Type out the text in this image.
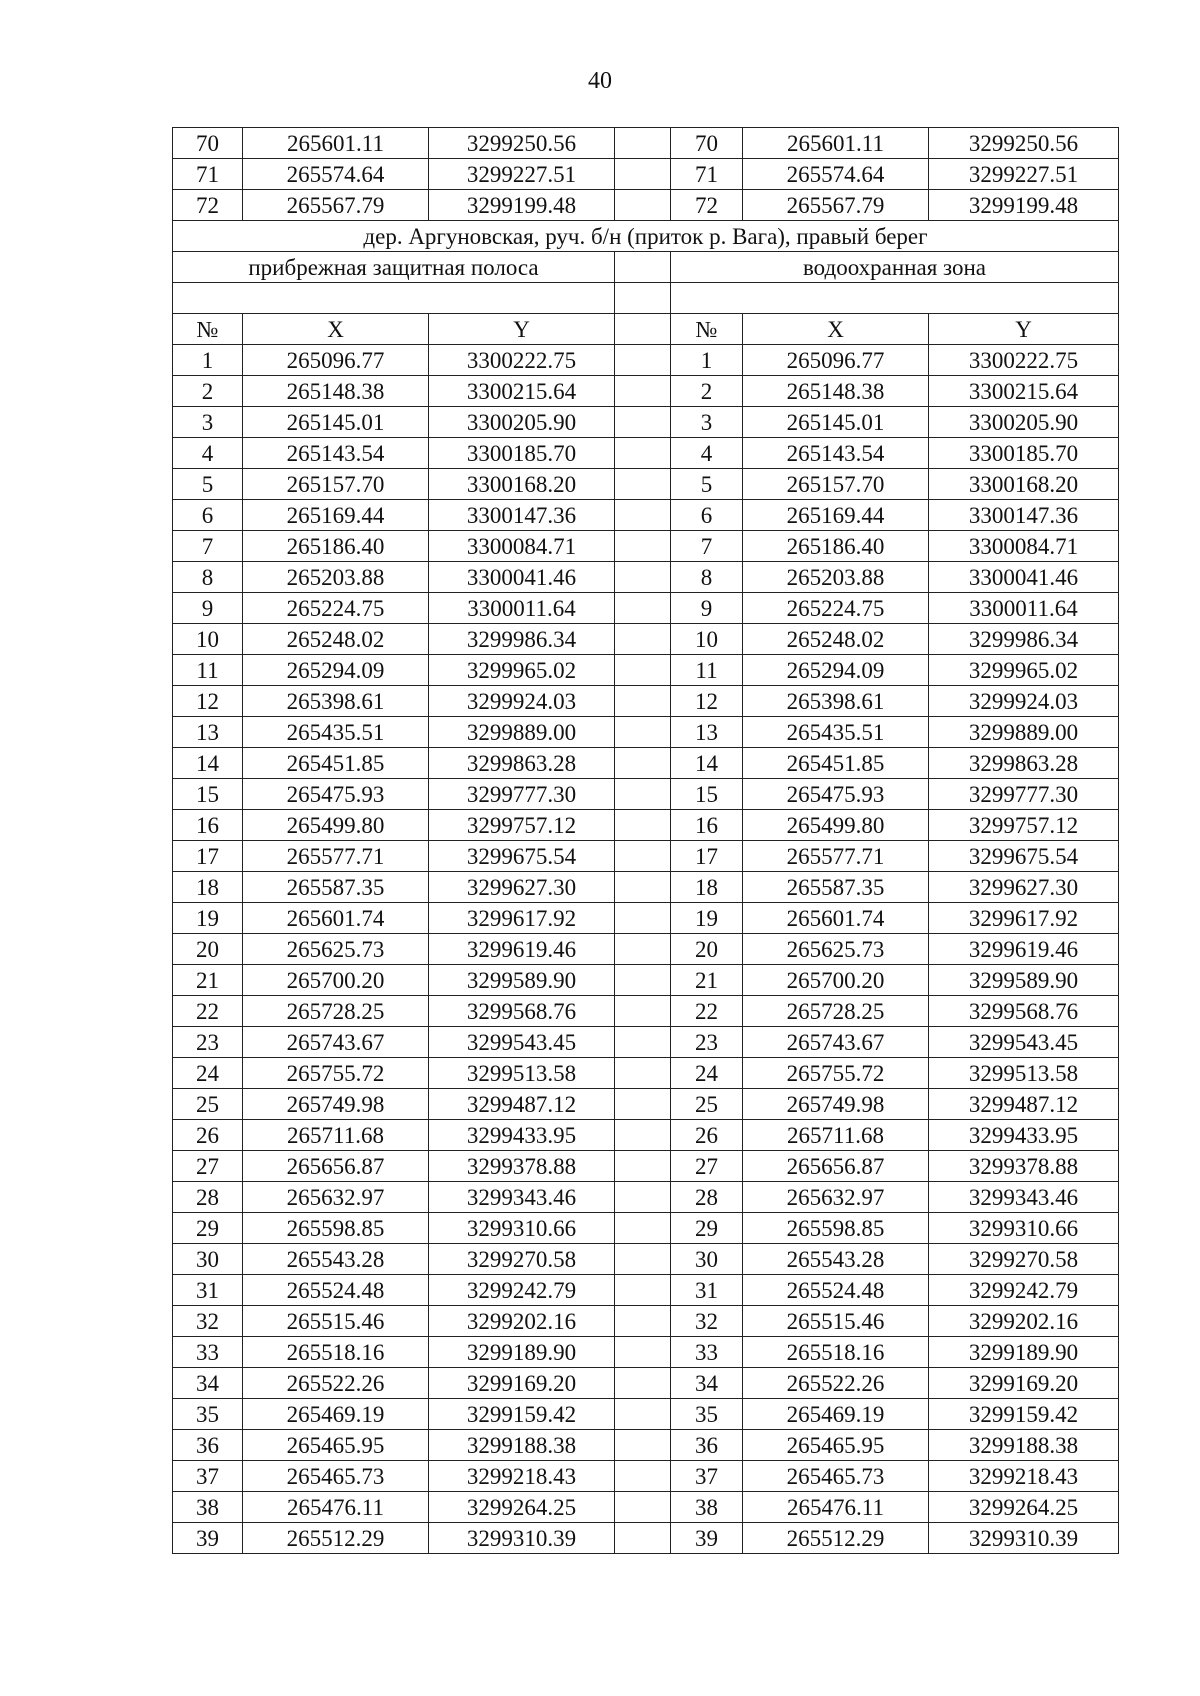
40
70	265601.11	3299250.56		70	265601.11	3299250.56
71	265574.64	3299227.51		71	265574.64	3299227.51
72	265567.79	3299199.48		72	265567.79	3299199.48
дер. Аргуновская, руч. б/н (приток р. Вага), правый берег						
прибрежная защитная полоса				водоохранная зона		

№	X	Y		№	X	Y
1	265096.77	3300222.75		1	265096.77	3300222.75
2	265148.38	3300215.64		2	265148.38	3300215.64
3	265145.01	3300205.90		3	265145.01	3300205.90
4	265143.54	3300185.70		4	265143.54	3300185.70
5	265157.70	3300168.20		5	265157.70	3300168.20
6	265169.44	3300147.36		6	265169.44	3300147.36
7	265186.40	3300084.71		7	265186.40	3300084.71
8	265203.88	3300041.46		8	265203.88	3300041.46
9	265224.75	3300011.64		9	265224.75	3300011.64
10	265248.02	3299986.34		10	265248.02	3299986.34
11	265294.09	3299965.02		11	265294.09	3299965.02
12	265398.61	3299924.03		12	265398.61	3299924.03
13	265435.51	3299889.00		13	265435.51	3299889.00
14	265451.85	3299863.28		14	265451.85	3299863.28
15	265475.93	3299777.30		15	265475.93	3299777.30
16	265499.80	3299757.12		16	265499.80	3299757.12
17	265577.71	3299675.54		17	265577.71	3299675.54
18	265587.35	3299627.30		18	265587.35	3299627.30
19	265601.74	3299617.92		19	265601.74	3299617.92
20	265625.73	3299619.46		20	265625.73	3299619.46
21	265700.20	3299589.90		21	265700.20	3299589.90
22	265728.25	3299568.76		22	265728.25	3299568.76
23	265743.67	3299543.45		23	265743.67	3299543.45
24	265755.72	3299513.58		24	265755.72	3299513.58
25	265749.98	3299487.12		25	265749.98	3299487.12
26	265711.68	3299433.95		26	265711.68	3299433.95
27	265656.87	3299378.88		27	265656.87	3299378.88
28	265632.97	3299343.46		28	265632.97	3299343.46
29	265598.85	3299310.66		29	265598.85	3299310.66
30	265543.28	3299270.58		30	265543.28	3299270.58
31	265524.48	3299242.79		31	265524.48	3299242.79
32	265515.46	3299202.16		32	265515.46	3299202.16
33	265518.16	3299189.90		33	265518.16	3299189.90
34	265522.26	3299169.20		34	265522.26	3299169.20
35	265469.19	3299159.42		35	265469.19	3299159.42
36	265465.95	3299188.38		36	265465.95	3299188.38
37	265465.73	3299218.43		37	265465.73	3299218.43
38	265476.11	3299264.25		38	265476.11	3299264.25
39	265512.29	3299310.39		39	265512.29	3299310.39
